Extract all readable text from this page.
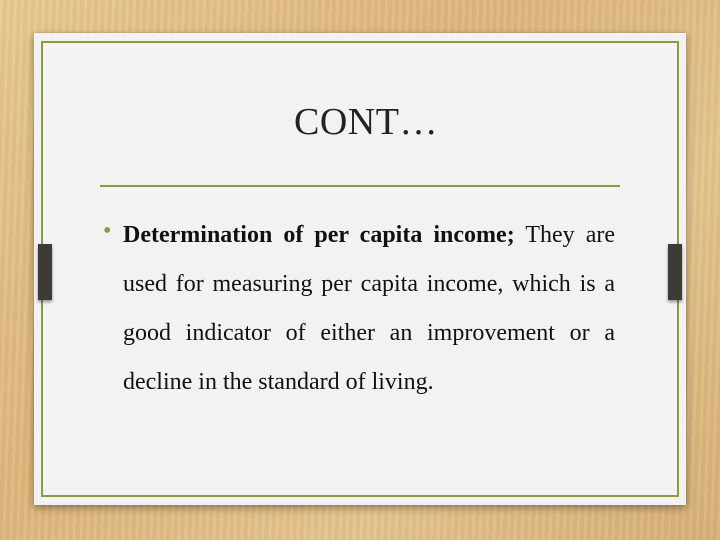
CONT…
• Determination of per capita income; They are used for measuring per capita income, which is a good indicator of either an improvement or a decline in the standard of living.
